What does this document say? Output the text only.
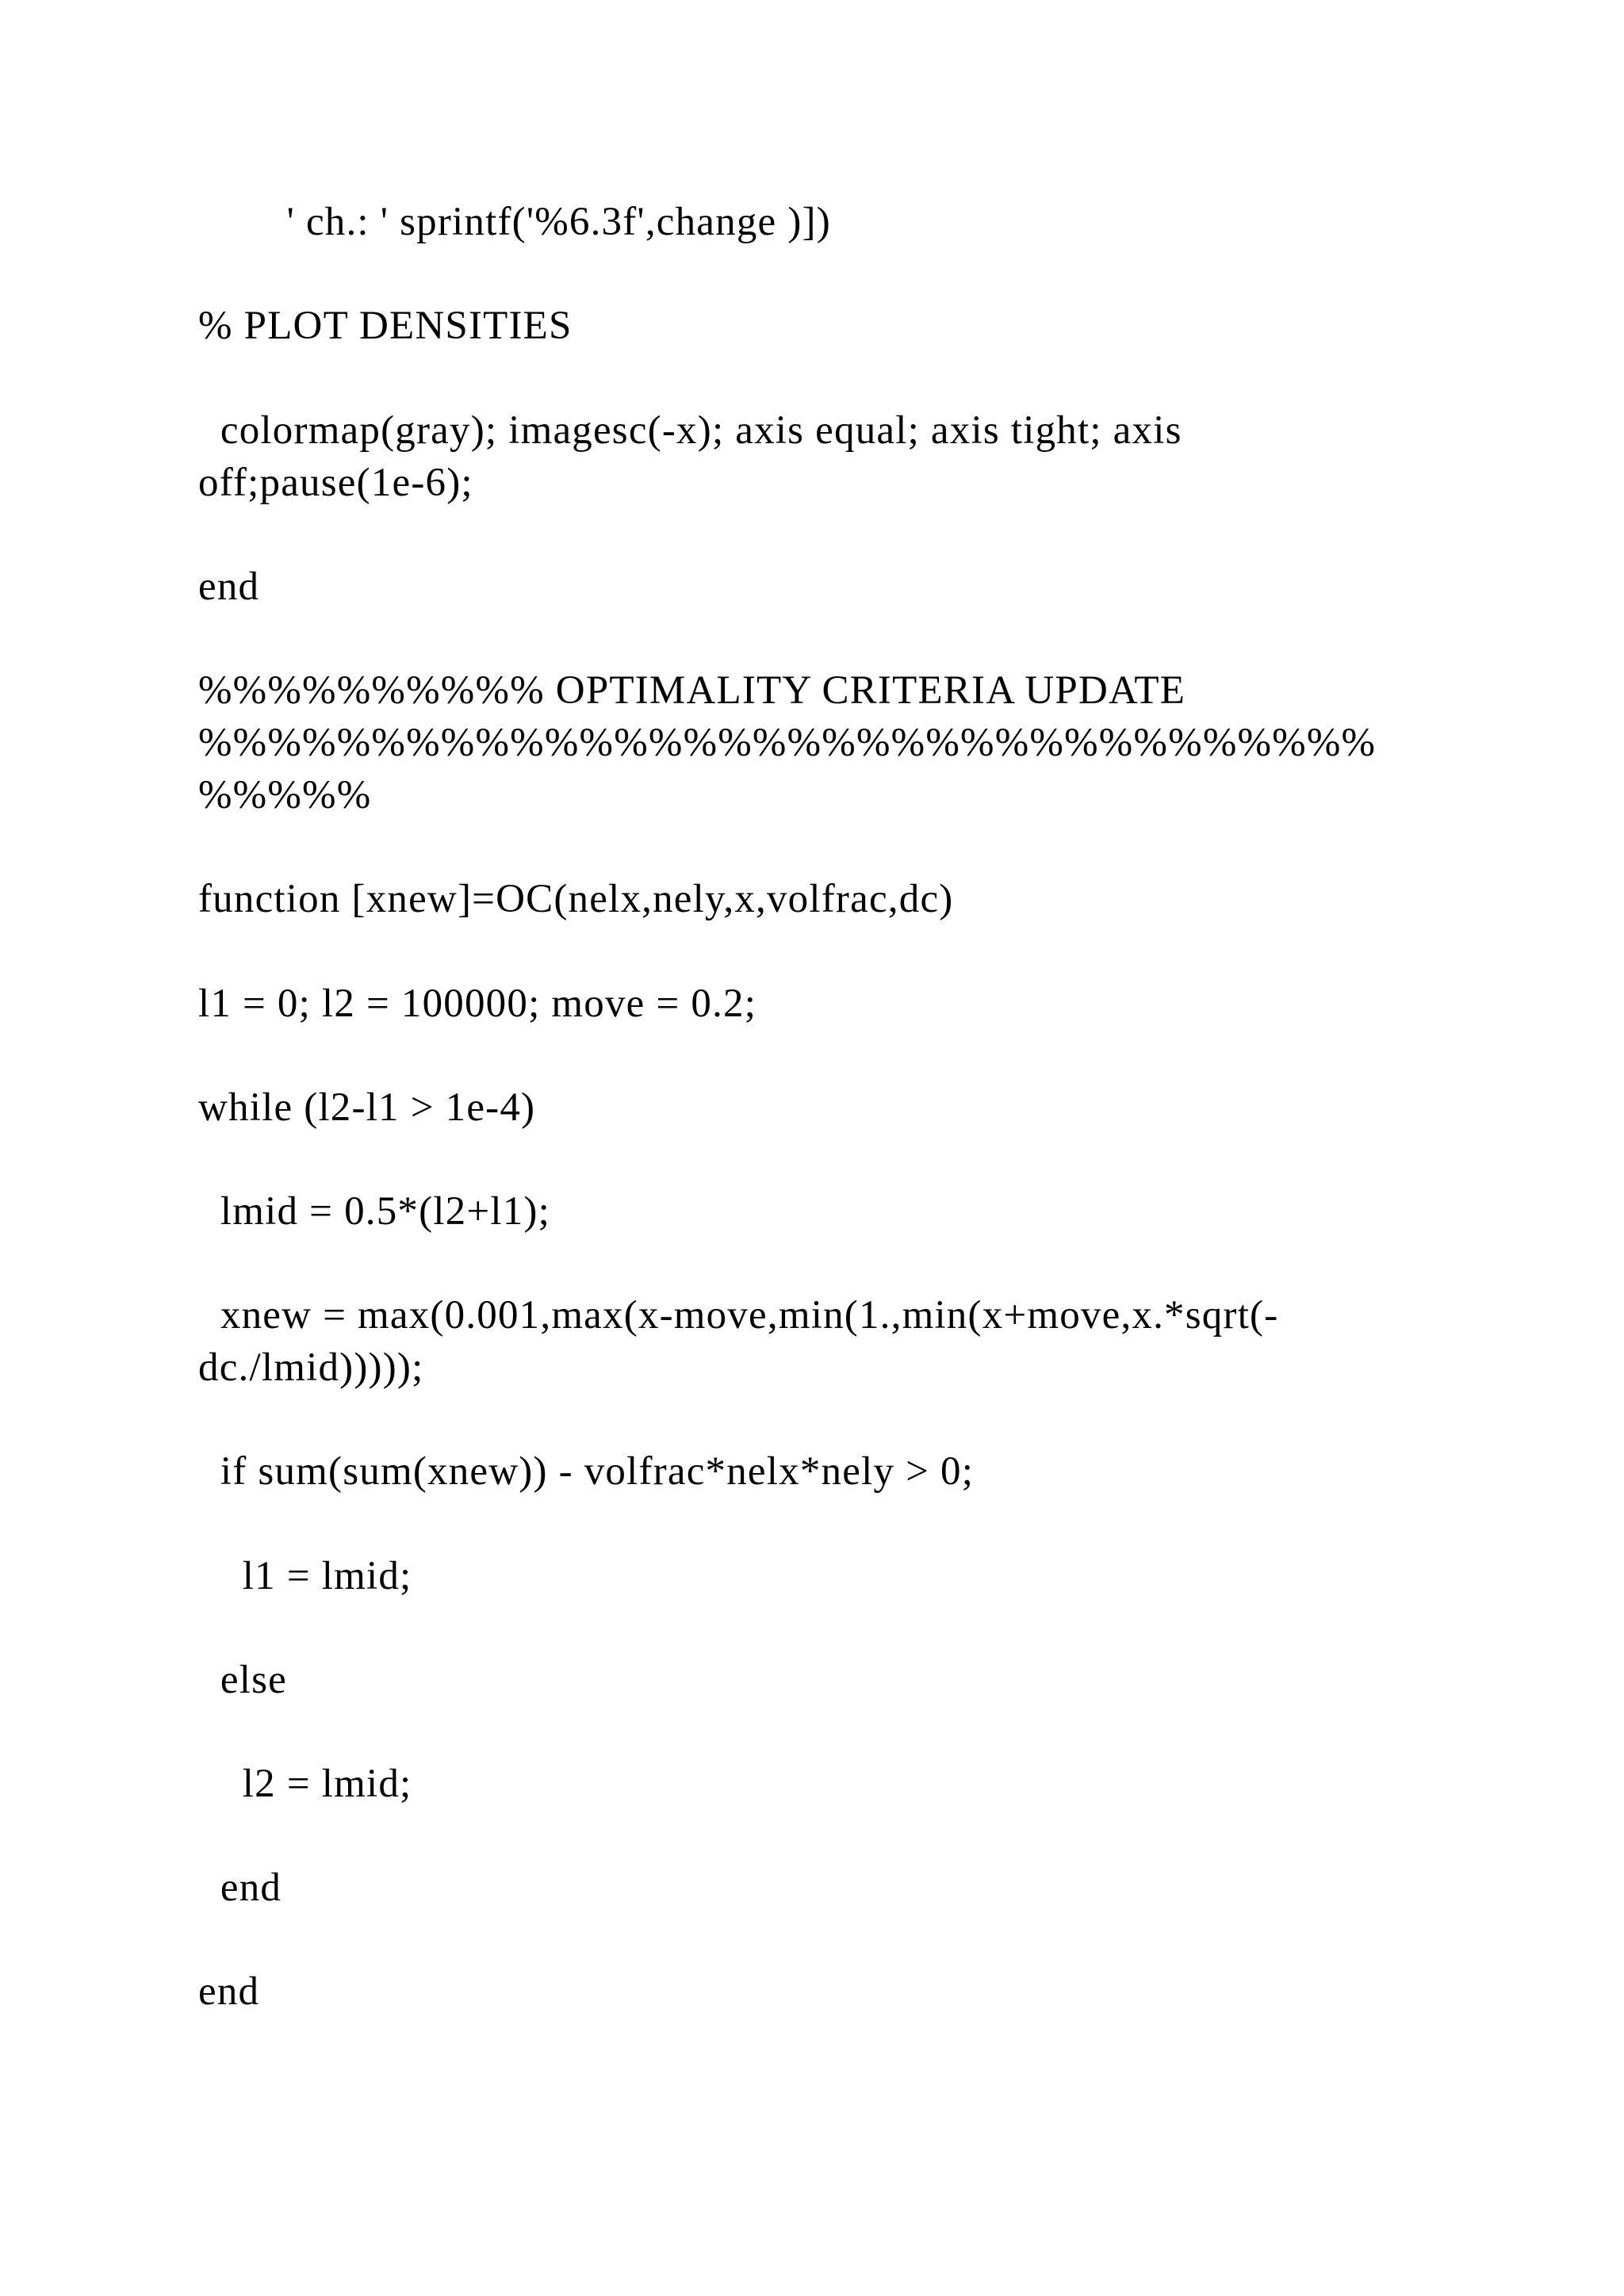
' ch.: ' sprintf('%6.3f',change )])

% PLOT DENSITIES

colormap(gray); imagesc(-x); axis equal; axis tight; axis

off;pause(1e-6);

end

%%%%%%%%%% OPTIMALITY CRITERIA UPDATE

%%%%%%%%%%%%%%%%%%%%%%%%%%%%%%%%%%

%%%%%

function [xnew]=OC(nelx,nely,x,volfrac,dc)

l1 = 0; l2 = 100000; move = 0.2;

while (l2-l1 > 1e-4)

lmid = 0.5*(l2+l1);

xnew = max(0.001,max(x-move,min(1.,min(x+move,x.*sqrt(-

dc./lmid)))));

if sum(sum(xnew)) - volfrac*nelx*nely > 0;

l1 = lmid;

else

l2 = lmid;

end

end
